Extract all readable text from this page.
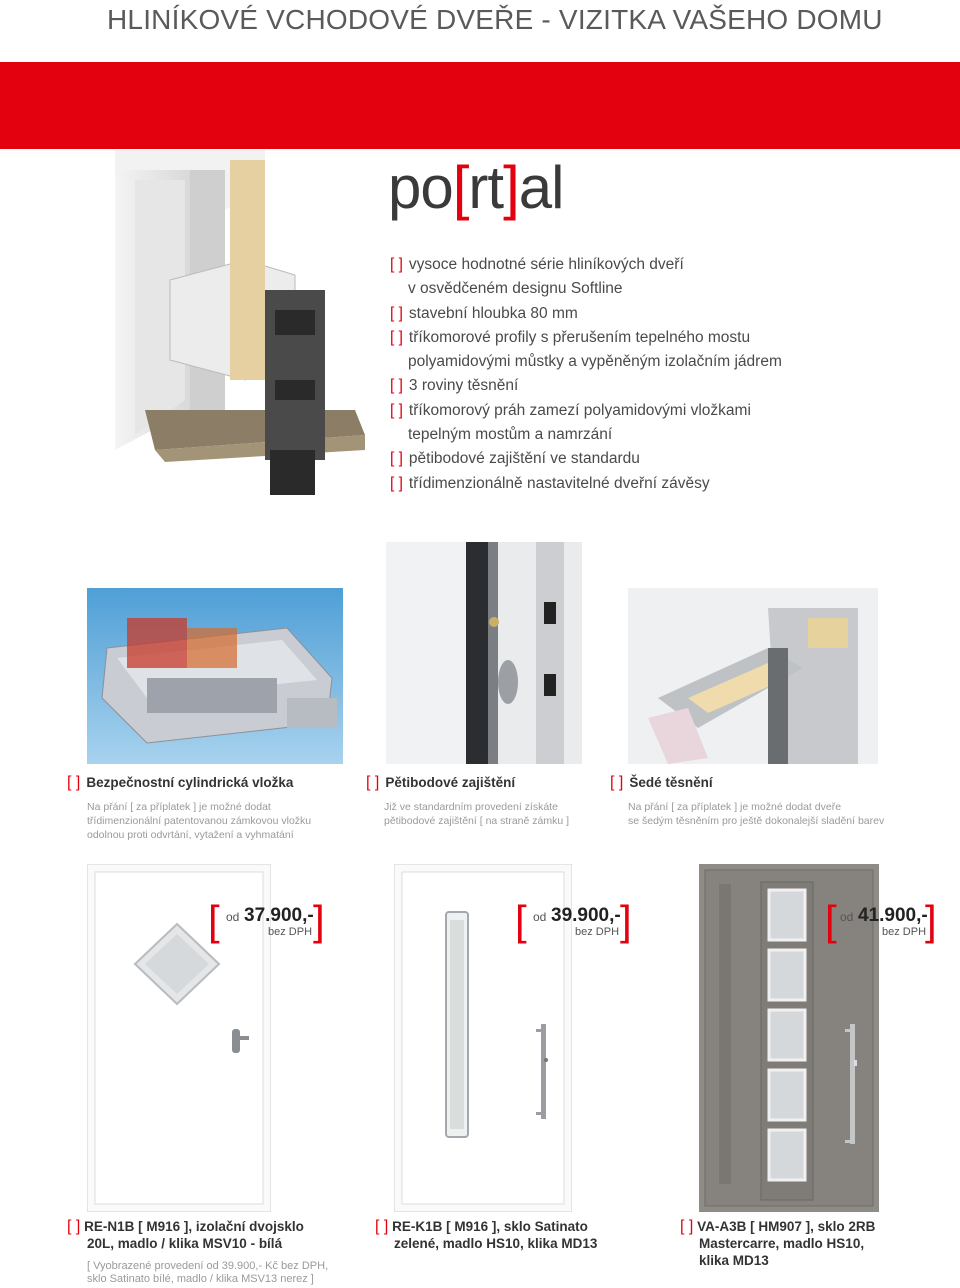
HLINÍKOVÉ VCHODOVÉ DVEŘE - VIZITKA VAŠEHO DOMU
po[rt]al
[ ] vysoce hodnotné série hliníkových dveří
v osvědčeném designu Softline
[ ] stavební hloubka 80 mm
[ ] tříkomorové profily s přerušením tepelného mostu
polyamidovými můstky a vypěněným izolačním jádrem
[ ] 3 roviny těsnění
[ ] tříkomorový práh zamezí polyamidovými vložkami
tepelným mostům a namrzání
[ ] pětibodové zajištění ve standardu
[ ] třídimenzionálně nastavitelné dveřní závěsy
[ ] Bezpečnostní cylindrická vložka
Na přání [ za příplatek ] je možné dodat
třídimenzionální patentovanou zámkovou vložku
odolnou proti odvrtání, vytažení a vyhmatání
[ ] Pětibodové zajištění
Již ve standardním provedení získáte
pětibodové zajištění [ na straně zámku ]
[ ] Šedé těsnění
Na přání [ za příplatek ] je možné dodat dveře
se šedým těsněním pro ještě dokonalejší sladění barev
[ od 37.900,-
bez DPH ]	[ od 39.900,-
bez DPH ]	[ od 41.900,-
bez DPH
]
[ ] RE-N1B [ M916 ], izolační dvojsklo
20L, madlo / klika MSV10 - bílá
[ Vyobrazené provedení od 39.900,- Kč bez DPH,
sklo Satinato bílé, madlo / klika MSV13 nerez ]
[ ] RE-K1B [ M916 ], sklo Satinato
zelené, madlo HS10, klika MD13
[ ] VA-A3B [ HM907 ], sklo 2RB
Mastercarre, madlo HS10,
klika MD13
